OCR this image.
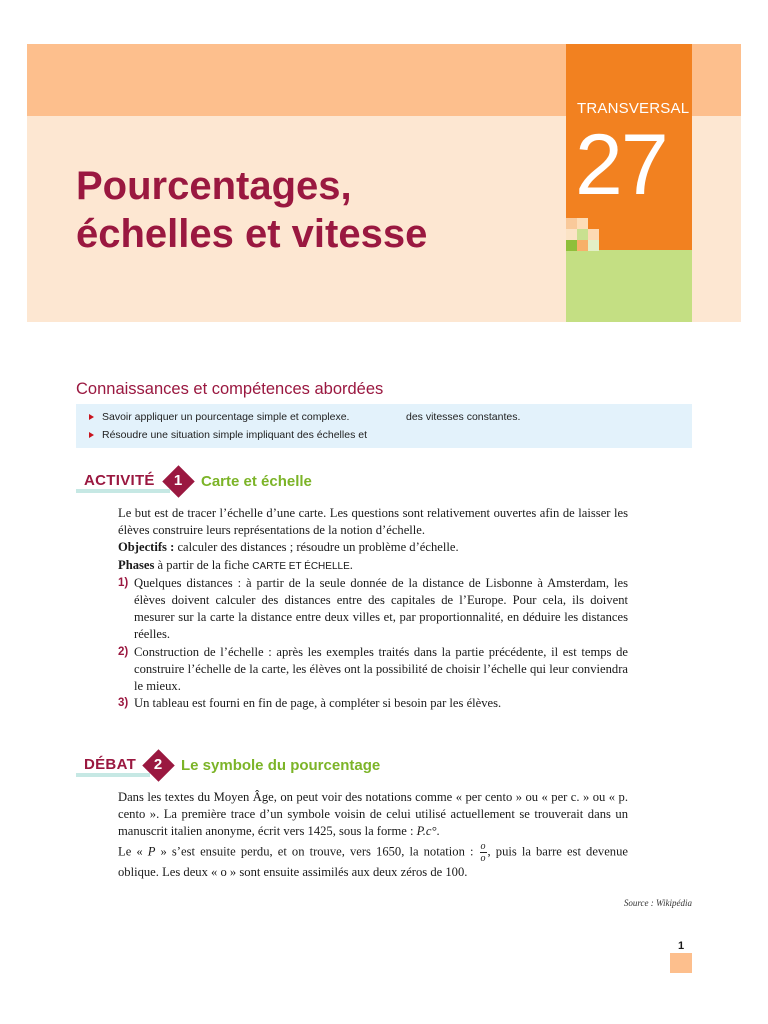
TRANSVERSAL
27
Pourcentages,
échelles et vitesse
Connaissances et compétences abordées
Savoir appliquer un pourcentage simple et complexe.
Résoudre une situation simple impliquant des échelles et
des vitesses constantes.
ACTIVITÉ	1	Carte et échelle

Le but est de tracer l’échelle d’une carte. Les questions sont relativement ouvertes afin de laisser les élèves construire leurs représentations de la notion d’échelle.

Objectifs : calculer des distances ; résoudre un problème d’échelle.

Phases à partir de la fiche CARTE ET ÉCHELLE.

1) Quelques distances : à partir de la seule donnée de la distance de Lisbonne à Amsterdam, les élèves doivent calculer des distances entre des capitales de l’Europe. Pour cela, ils doivent mesurer sur la carte la distance entre deux villes et, par proportionnalité, en déduire les distances réelles.
2) Construction de l’échelle : après les exemples traités dans la partie précédente, il est temps de construire l’échelle de la carte, les élèves ont la possibilité de choisir l’échelle qui leur conviendra le mieux.
3) Un tableau est fourni en fin de page, à compléter si besoin par les élèves.
DÉBAT	2	Le symbole du pourcentage

Dans les textes du Moyen Âge, on peut voir des notations comme « per cento » ou « per c. » ou « p. cento ». La première trace d’un symbole voisin de celui utilisé actuellement se trouverait dans un manuscrit italien anonyme, écrit vers 1425, sous la forme : P.c°.

Le « P » s’est ensuite perdu, et on trouve, vers 1650, la notation : $\frac{o}{o}$ , puis la barre est devenue oblique. Les deux « o » sont ensuite assimilés aux deux zéros de 100.

Source : Wikipédia
1
